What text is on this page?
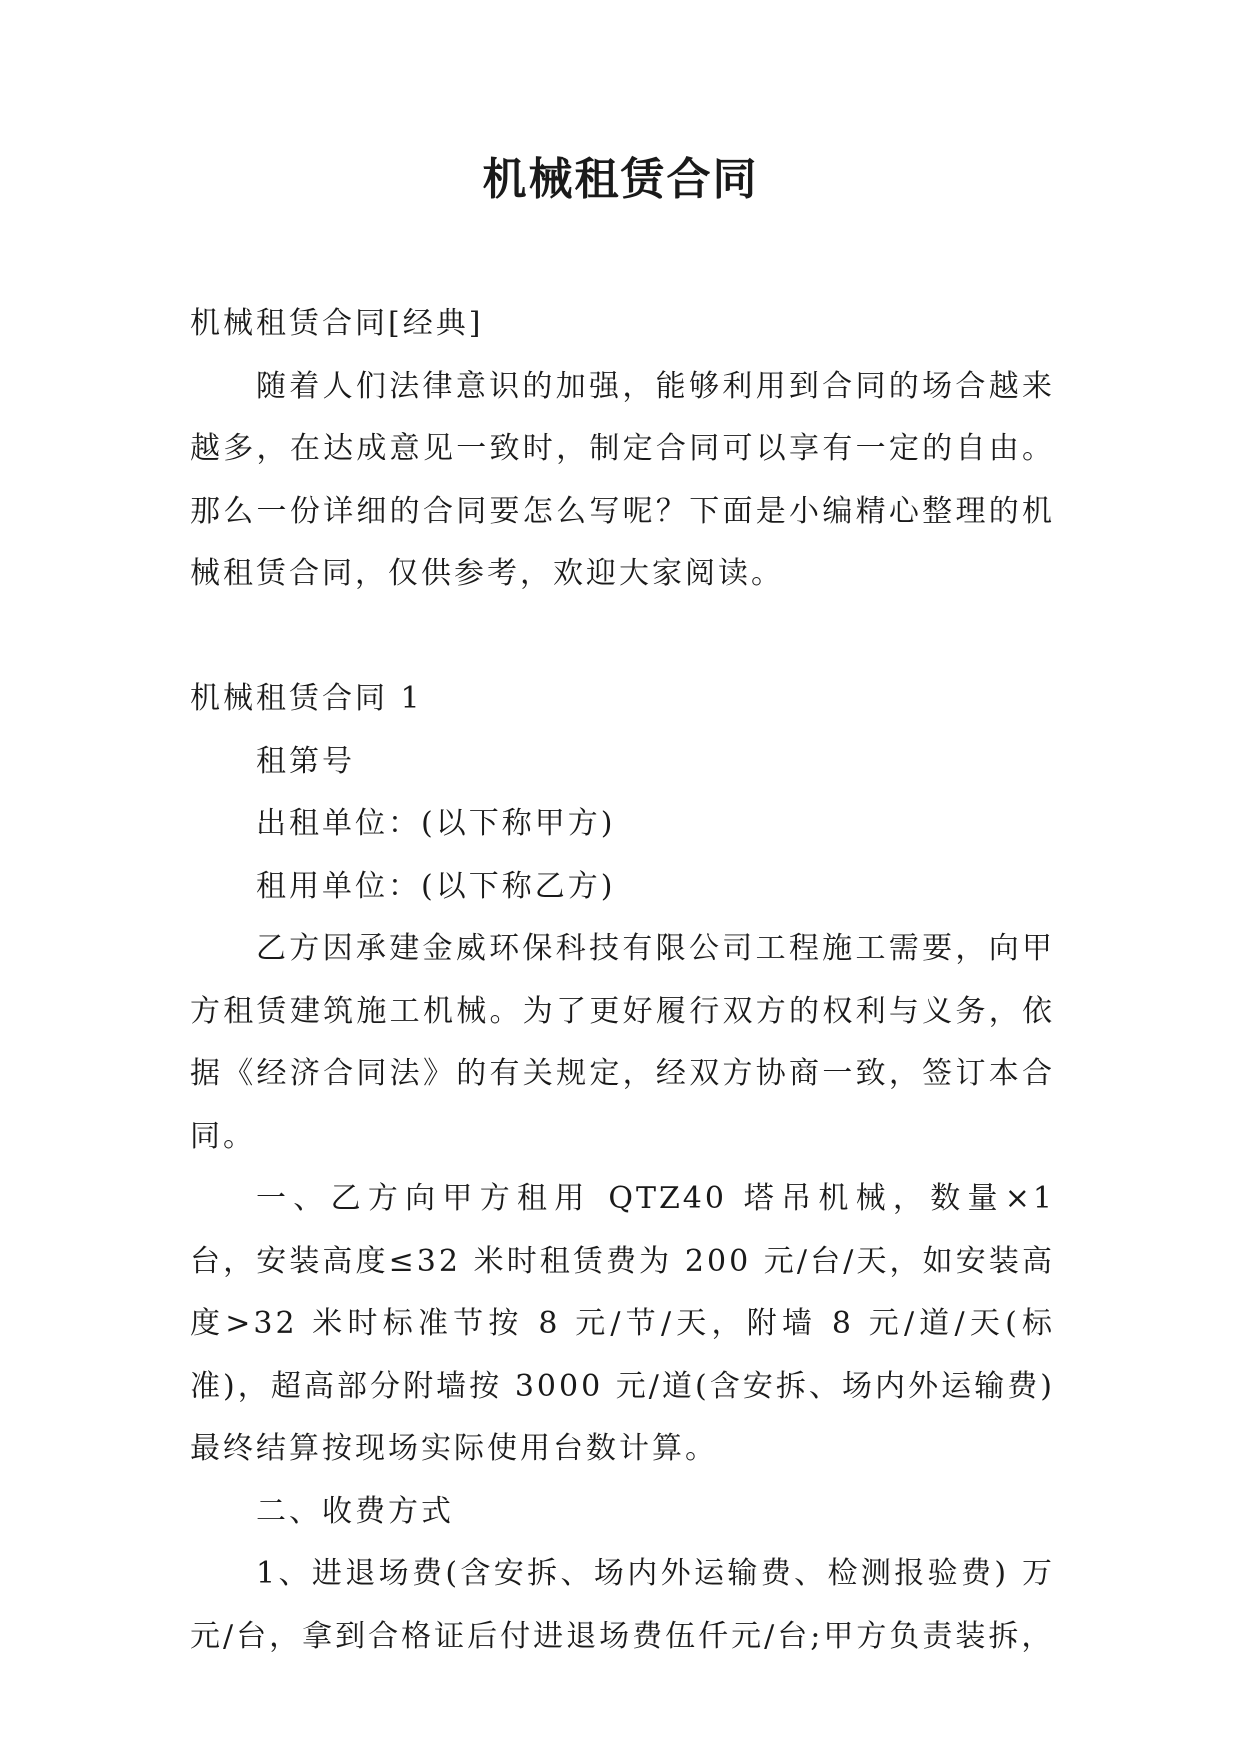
机械租赁合同

机械租赁合同[经典]

随着人们法律意识的加强，能够利用到合同的场合越来越多，在达成意见一致时，制定合同可以享有一定的自由。那么一份详细的合同要怎么写呢？下面是小编精心整理的机械租赁合同，仅供参考，欢迎大家阅读。

机械租赁合同 1

租第号

出租单位：(以下称甲方)

租用单位：(以下称乙方)

乙方因承建金威环保科技有限公司工程施工需要，向甲方租赁建筑施工机械。为了更好履行双方的权利与义务，依据《经济合同法》的有关规定，经双方协商一致，签订本合同。

一、乙方向甲方租用 QTZ40 塔吊机械，数量×1 台，安装高度≤32 米时租赁费为 200 元/台/天，如安装高度>32 米时标准节按 8 元/节/天，附墙 8 元/道/天(标准)，超高部分附墙按 3000 元/道(含安拆、场内外运输费)最终结算按现场实际使用台数计算。

二、收费方式

1、进退场费(含安拆、场内外运输费、检测报验费) 万元/台，拿到合格证后付进退场费伍仟元/台;甲方负责装拆，
